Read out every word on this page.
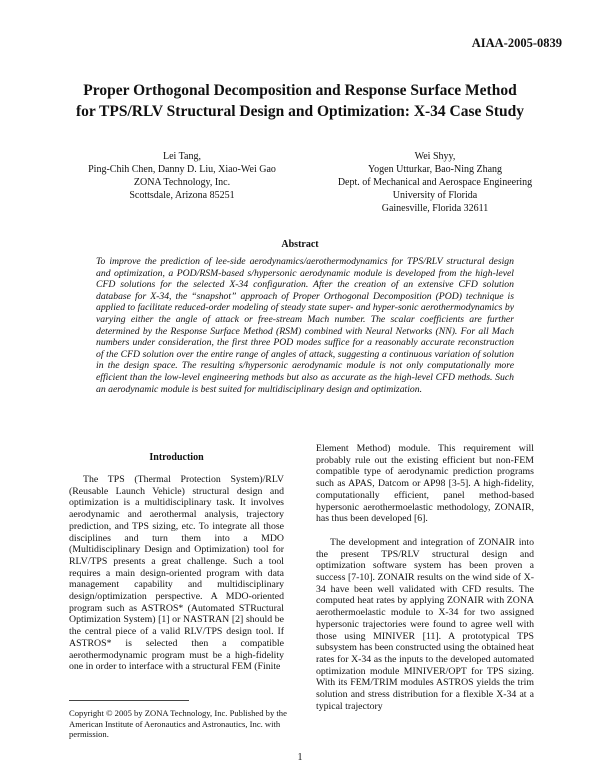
AIAA-2005-0839
Proper Orthogonal Decomposition and Response Surface Method
for TPS/RLV Structural Design and Optimization: X-34 Case Study
Lei Tang,
Ping-Chih Chen, Danny D. Liu, Xiao-Wei Gao
ZONA Technology, Inc.
Scottsdale, Arizona 85251
Wei Shyy,
Yogen Utturkar, Bao-Ning Zhang
Dept. of Mechanical and Aerospace Engineering
University of Florida
Gainesville, Florida 32611
Abstract
To improve the prediction of lee-side aerodynamics/aerothermodynamics for TPS/RLV structural design and optimization, a POD/RSM-based s/hypersonic aerodynamic module is developed from the high-level CFD solutions for the selected X-34 configuration. After the creation of an extensive CFD solution database for X-34, the “snapshot” approach of Proper Orthogonal Decomposition (POD) technique is applied to facilitate reduced-order modeling of steady state super- and hyper-sonic aerothermodynamics by varying either the angle of attack or free-stream Mach number. The scalar coefficients are further determined by the Response Surface Method (RSM) combined with Neural Networks (NN). For all Mach numbers under consideration, the first three POD modes suffice for a reasonably accurate reconstruction of the CFD solution over the entire range of angles of attack, suggesting a continuous variation of solution in the design space. The resulting s/hypersonic aerodynamic module is not only computationally more efficient than the low-level engineering methods but also as accurate as the high-level CFD methods. Such an aerodynamic module is best suited for multidisciplinary design and optimization.
Introduction

The TPS (Thermal Protection System)/RLV (Reusable Launch Vehicle) structural design and optimization is a multidisciplinary task. It involves aerodynamic and aerothermal analysis, trajectory prediction, and TPS sizing, etc. To integrate all those disciplines and turn them into a MDO (Multidisciplinary Design and Optimization) tool for RLV/TPS presents a great challenge. Such a tool requires a main design-oriented program with data management capability and multidisciplinary design/optimization perspective. A MDO-oriented program such as ASTROS* (Automated STRuctural Optimization System) [1] or NASTRAN [2] should be the central piece of a valid RLV/TPS design tool. If ASTROS* is selected then a compatible aerothermodynamic program must be a high-fidelity one in order to interface with a structural FEM (Finite

Element Method) module. This requirement will probably rule out the existing efficient but non-FEM compatible type of aerodynamic prediction programs such as APAS, Datcom or AP98 [3-5]. A high-fidelity, computationally efficient, panel method-based hypersonic aerothermoelastic methodology, ZONAIR, has thus been developed [6].

The development and integration of ZONAIR into the present TPS/RLV structural design and optimization software system has been proven a success [7-10]. ZONAIR results on the wind side of X-34 have been well validated with CFD results. The computed heat rates by applying ZONAIR with ZONA aerothermoelastic module to X-34 for two assigned hypersonic trajectories were found to agree well with those using MINIVER [11]. A prototypical TPS subsystem has been constructed using the obtained heat rates for X-34 as the inputs to the developed automated optimization module MINIVER/OPT for TPS sizing. With its FEM/TRIM modules ASTROS yields the trim solution and stress distribution for a flexible X-34 at a typical trajectory

Copyright © 2005 by ZONA Technology, Inc. Published by the American Institute of Aeronautics and Astronautics, Inc. with permission.
1
